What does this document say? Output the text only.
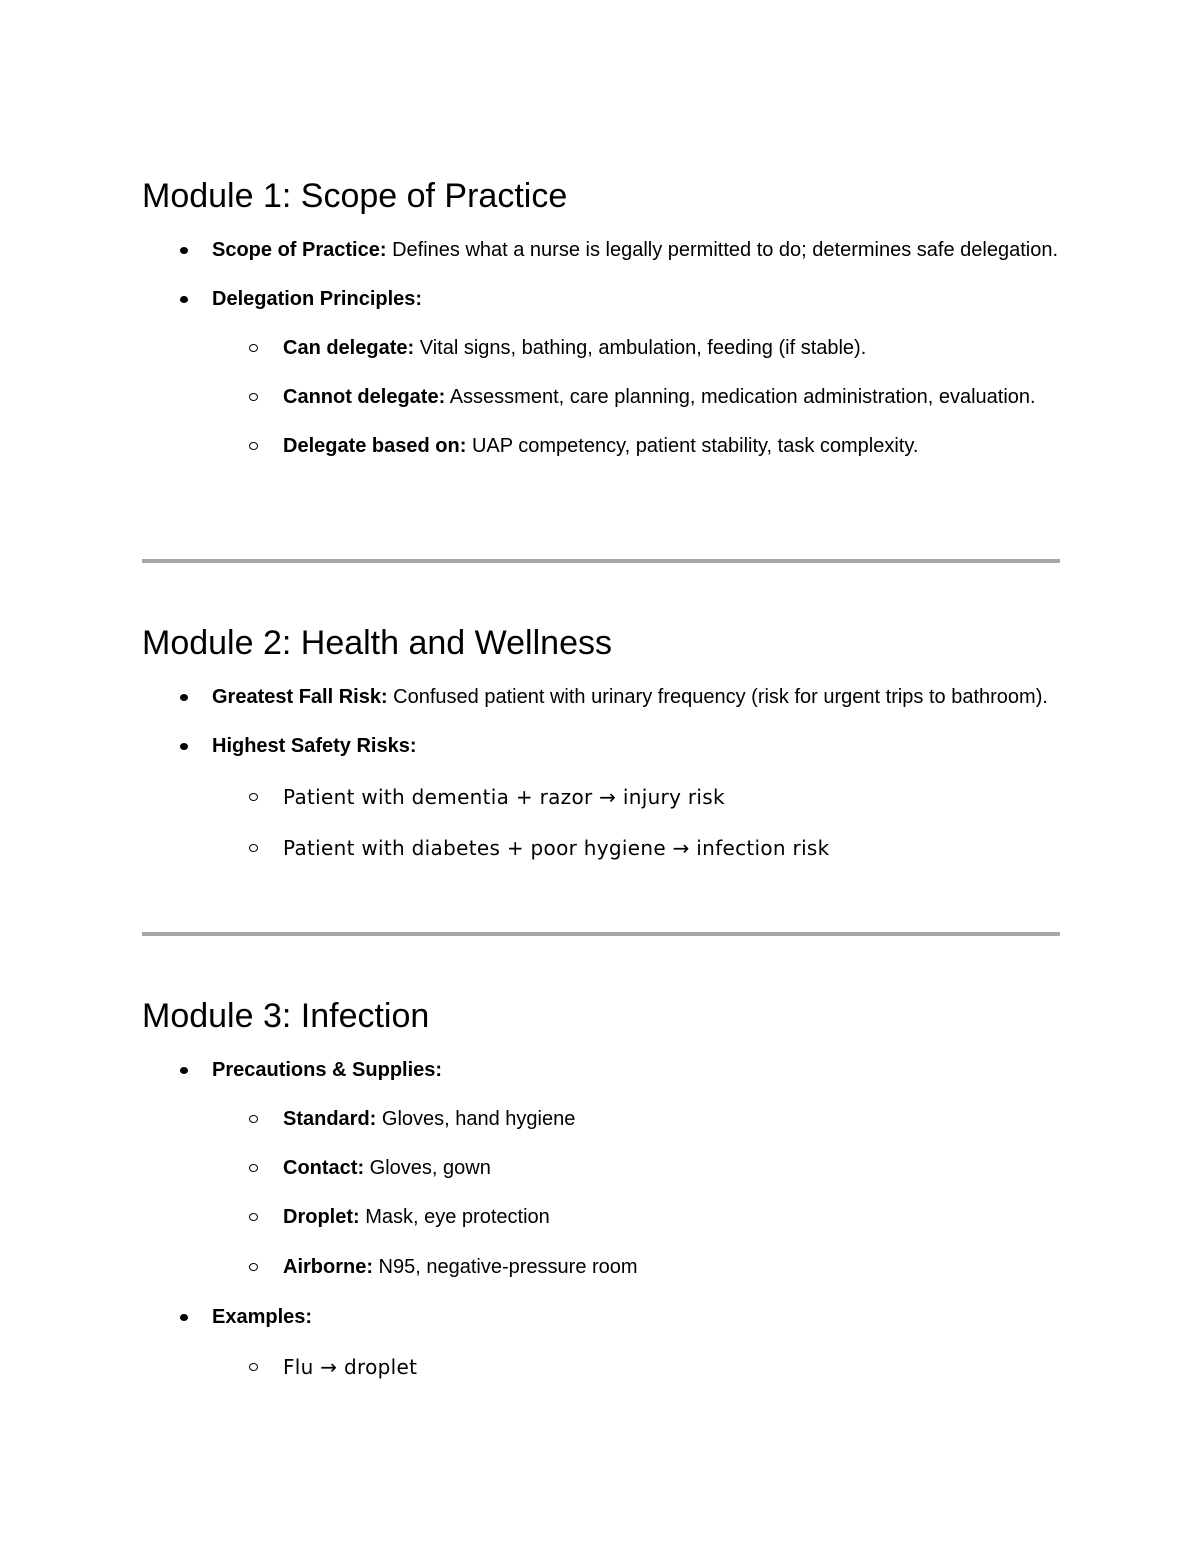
Module 1: Scope of Practice
Scope of Practice: Defines what a nurse is legally permitted to do; determines safe delegation.
Delegation Principles:
Can delegate: Vital signs, bathing, ambulation, feeding (if stable).
Cannot delegate: Assessment, care planning, medication administration, evaluation.
Delegate based on: UAP competency, patient stability, task complexity.
Module 2: Health and Wellness
Greatest Fall Risk: Confused patient with urinary frequency (risk for urgent trips to bathroom).
Highest Safety Risks:
Patient with dementia + razor → injury risk
Patient with diabetes + poor hygiene → infection risk
Module 3: Infection
Precautions & Supplies:
Standard: Gloves, hand hygiene
Contact: Gloves, gown
Droplet: Mask, eye protection
Airborne: N95, negative-pressure room
Examples:
Flu → droplet
